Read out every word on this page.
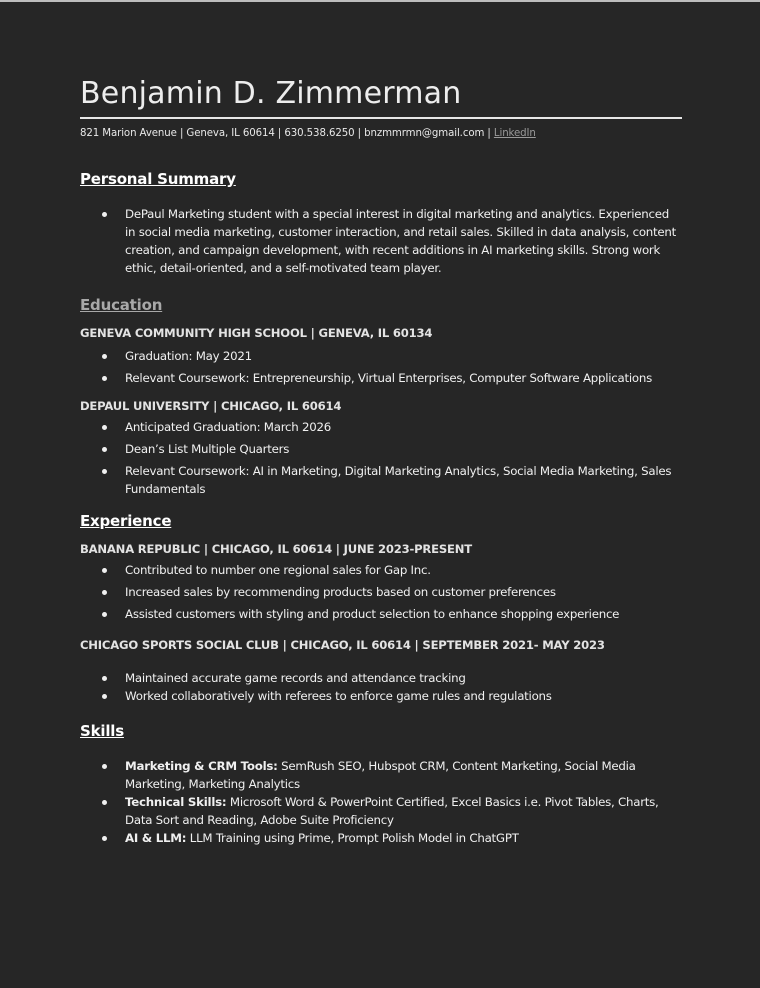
Benjamin D. Zimmerman
821 Marion Avenue | Geneva, IL 60614 | 630.538.6250 | bnzmmrmn@gmail.com | LinkedIn
Personal Summary
DePaul Marketing student with a special interest in digital marketing and analytics. Experienced in social media marketing, customer interaction, and retail sales. Skilled in data analysis, content creation, and campaign development, with recent additions in AI marketing skills. Strong work ethic, detail-oriented, and a self-motivated team player.
Education
GENEVA COMMUNITY HIGH SCHOOL | GENEVA, IL 60134
Graduation: May 2021
Relevant Coursework: Entrepreneurship, Virtual Enterprises, Computer Software Applications
DEPAUL UNIVERSITY | CHICAGO, IL 60614
Anticipated Graduation: March 2026
Dean’s List Multiple Quarters
Relevant Coursework: AI in Marketing, Digital Marketing Analytics, Social Media Marketing, Sales Fundamentals
Experience
BANANA REPUBLIC | CHICAGO, IL 60614 | JUNE 2023-PRESENT
Contributed to number one regional sales for Gap Inc.
Increased sales by recommending products based on customer preferences
Assisted customers with styling and product selection to enhance shopping experience
CHICAGO SPORTS SOCIAL CLUB | CHICAGO, IL 60614 | SEPTEMBER 2021- MAY 2023
Maintained accurate game records and attendance tracking
Worked collaboratively with referees to enforce game rules and regulations
Skills
Marketing & CRM Tools: SemRush SEO, Hubspot CRM, Content Marketing, Social Media Marketing, Marketing Analytics
Technical Skills: Microsoft Word & PowerPoint Certified, Excel Basics i.e. Pivot Tables, Charts, Data Sort and Reading, Adobe Suite Proficiency
AI & LLM: LLM Training using Prime, Prompt Polish Model in ChatGPT
